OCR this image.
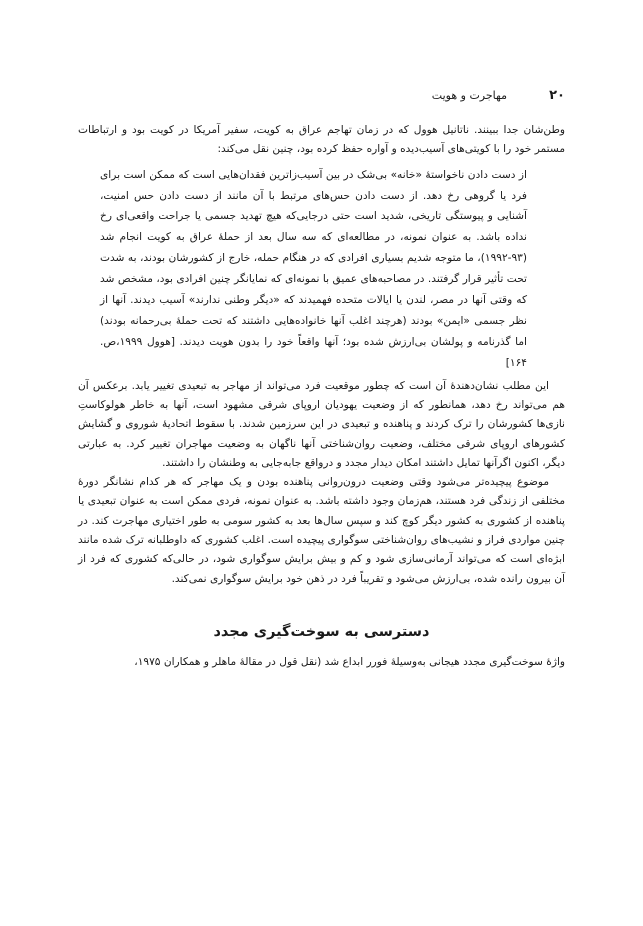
۲۰
مهاجرت و هویت

وطن‌شان جدا ببینند. ناتانیل هوول که در زمان تهاجم عراق به کویت، سفیر آمریکا در کویت بود و ارتباطات مستمر خود را با کویتی‌های آسیب‌دیده و آواره حفظ کرده بود، چنین نقل می‌کند:

از دست دادن ناخواستهٔ «خانه» بی‌شک در بین آسیب‌زاترین فقدان‌هایی است که ممکن است برای فرد یا گروهی رخ دهد. از دست دادن حس‌های مرتبط با آن مانند از دست دادن حس امنیت، آشنایی و پیوستگی تاریخی، شدید است حتی درجایی‌که هیچ تهدید جسمی یا جراحت واقعی‌ای رخ نداده باشد. به عنوان نمونه، در مطالعه‌ای که سه سال بعد از حملهٔ عراق به کویت انجام شد (۹۳-۱۹۹۲)، ما متوجه شدیم بسیاری افرادی که در هنگام حمله، خارج از کشورشان بودند، به شدت تحت تأثیر قرار گرفتند. در مصاحبه‌های عمیق با نمونه‌ای که نمایانگر چنین افرادی بود، مشخص شد که وقتی آنها در مصر، لندن یا ایالات متحده فهمیدند که «دیگر وطنی ندارند» آسیب دیدند. آنها از نظر جسمی «ایمن» بودند (هرچند اغلب آنها خانواده‌هایی داشتند که تحت حملهٔ بی‌رحمانه بودند) اما گذرنامه و پولشان بی‌ارزش شده بود؛ آنها واقعاً خود را بدون هویت دیدند. [هوول ۱۹۹۹،ص. ۱۶۴]

این مطلب نشان‌دهندهٔ آن است که چطور موقعیت فرد می‌تواند از مهاجر به تبعیدی تغییر یابد. برعکس آن هم می‌تواند رخ دهد، همانطور که از وضعیت یهودیان اروپای شرقی مشهود است، آنها به خاطر هولوکاستِ نازی‌ها کشورشان را ترک کردند و پناهنده و تبعیدی در این سرزمین شدند. با سقوط اتحادیهٔ شوروی و گشایش کشورهای اروپای شرقی مختلف، وضعیت روان‌شناختی آنها ناگهان به وضعیت مهاجران تغییر کرد. به عبارتی دیگر، اکنون اگرآنها تمایل داشتند امکان دیدار مجدد و درواقع جابه‌جایی به وطنشان را داشتند.

موضوع پیچیده‌تر می‌شود وقتی وضعیت درون‌روانی پناهنده بودن و یک مهاجر که هر کدام نشانگر دورهٔ مختلفی از زندگی فرد هستند، هم‌زمان وجود داشته باشد. به عنوان نمونه، فردی ممکن است به عنوان تبعیدی یا پناهنده از کشوری به کشور دیگر کوچ کند و سپس سال‌ها بعد به کشور سومی به طور اختیاری مهاجرت کند. در چنین مواردی فراز و نشیب‌های روان‌شناختی سوگواری پیچیده است. اغلب کشوری که داوطلبانه ترک شده مانند ابژه‌ای است که می‌تواند آرمانی‌سازی شود و کم و بیش برایش سوگواری شود، در حالی‌که کشوری که فرد از آن بیرون رانده شده، بی‌ارزش می‌شود و تقریباً فرد در ذهن خود برایش سوگواری نمی‌کند.

دسترسی به سوخت‌گیری مجدد

واژهٔ سوخت‌گیری مجدد هیجانی به‌وسیلهٔ فورر ابداع شد (نقل قول در مقالهٔ ماهلر و همکاران ۱۹۷۵،
